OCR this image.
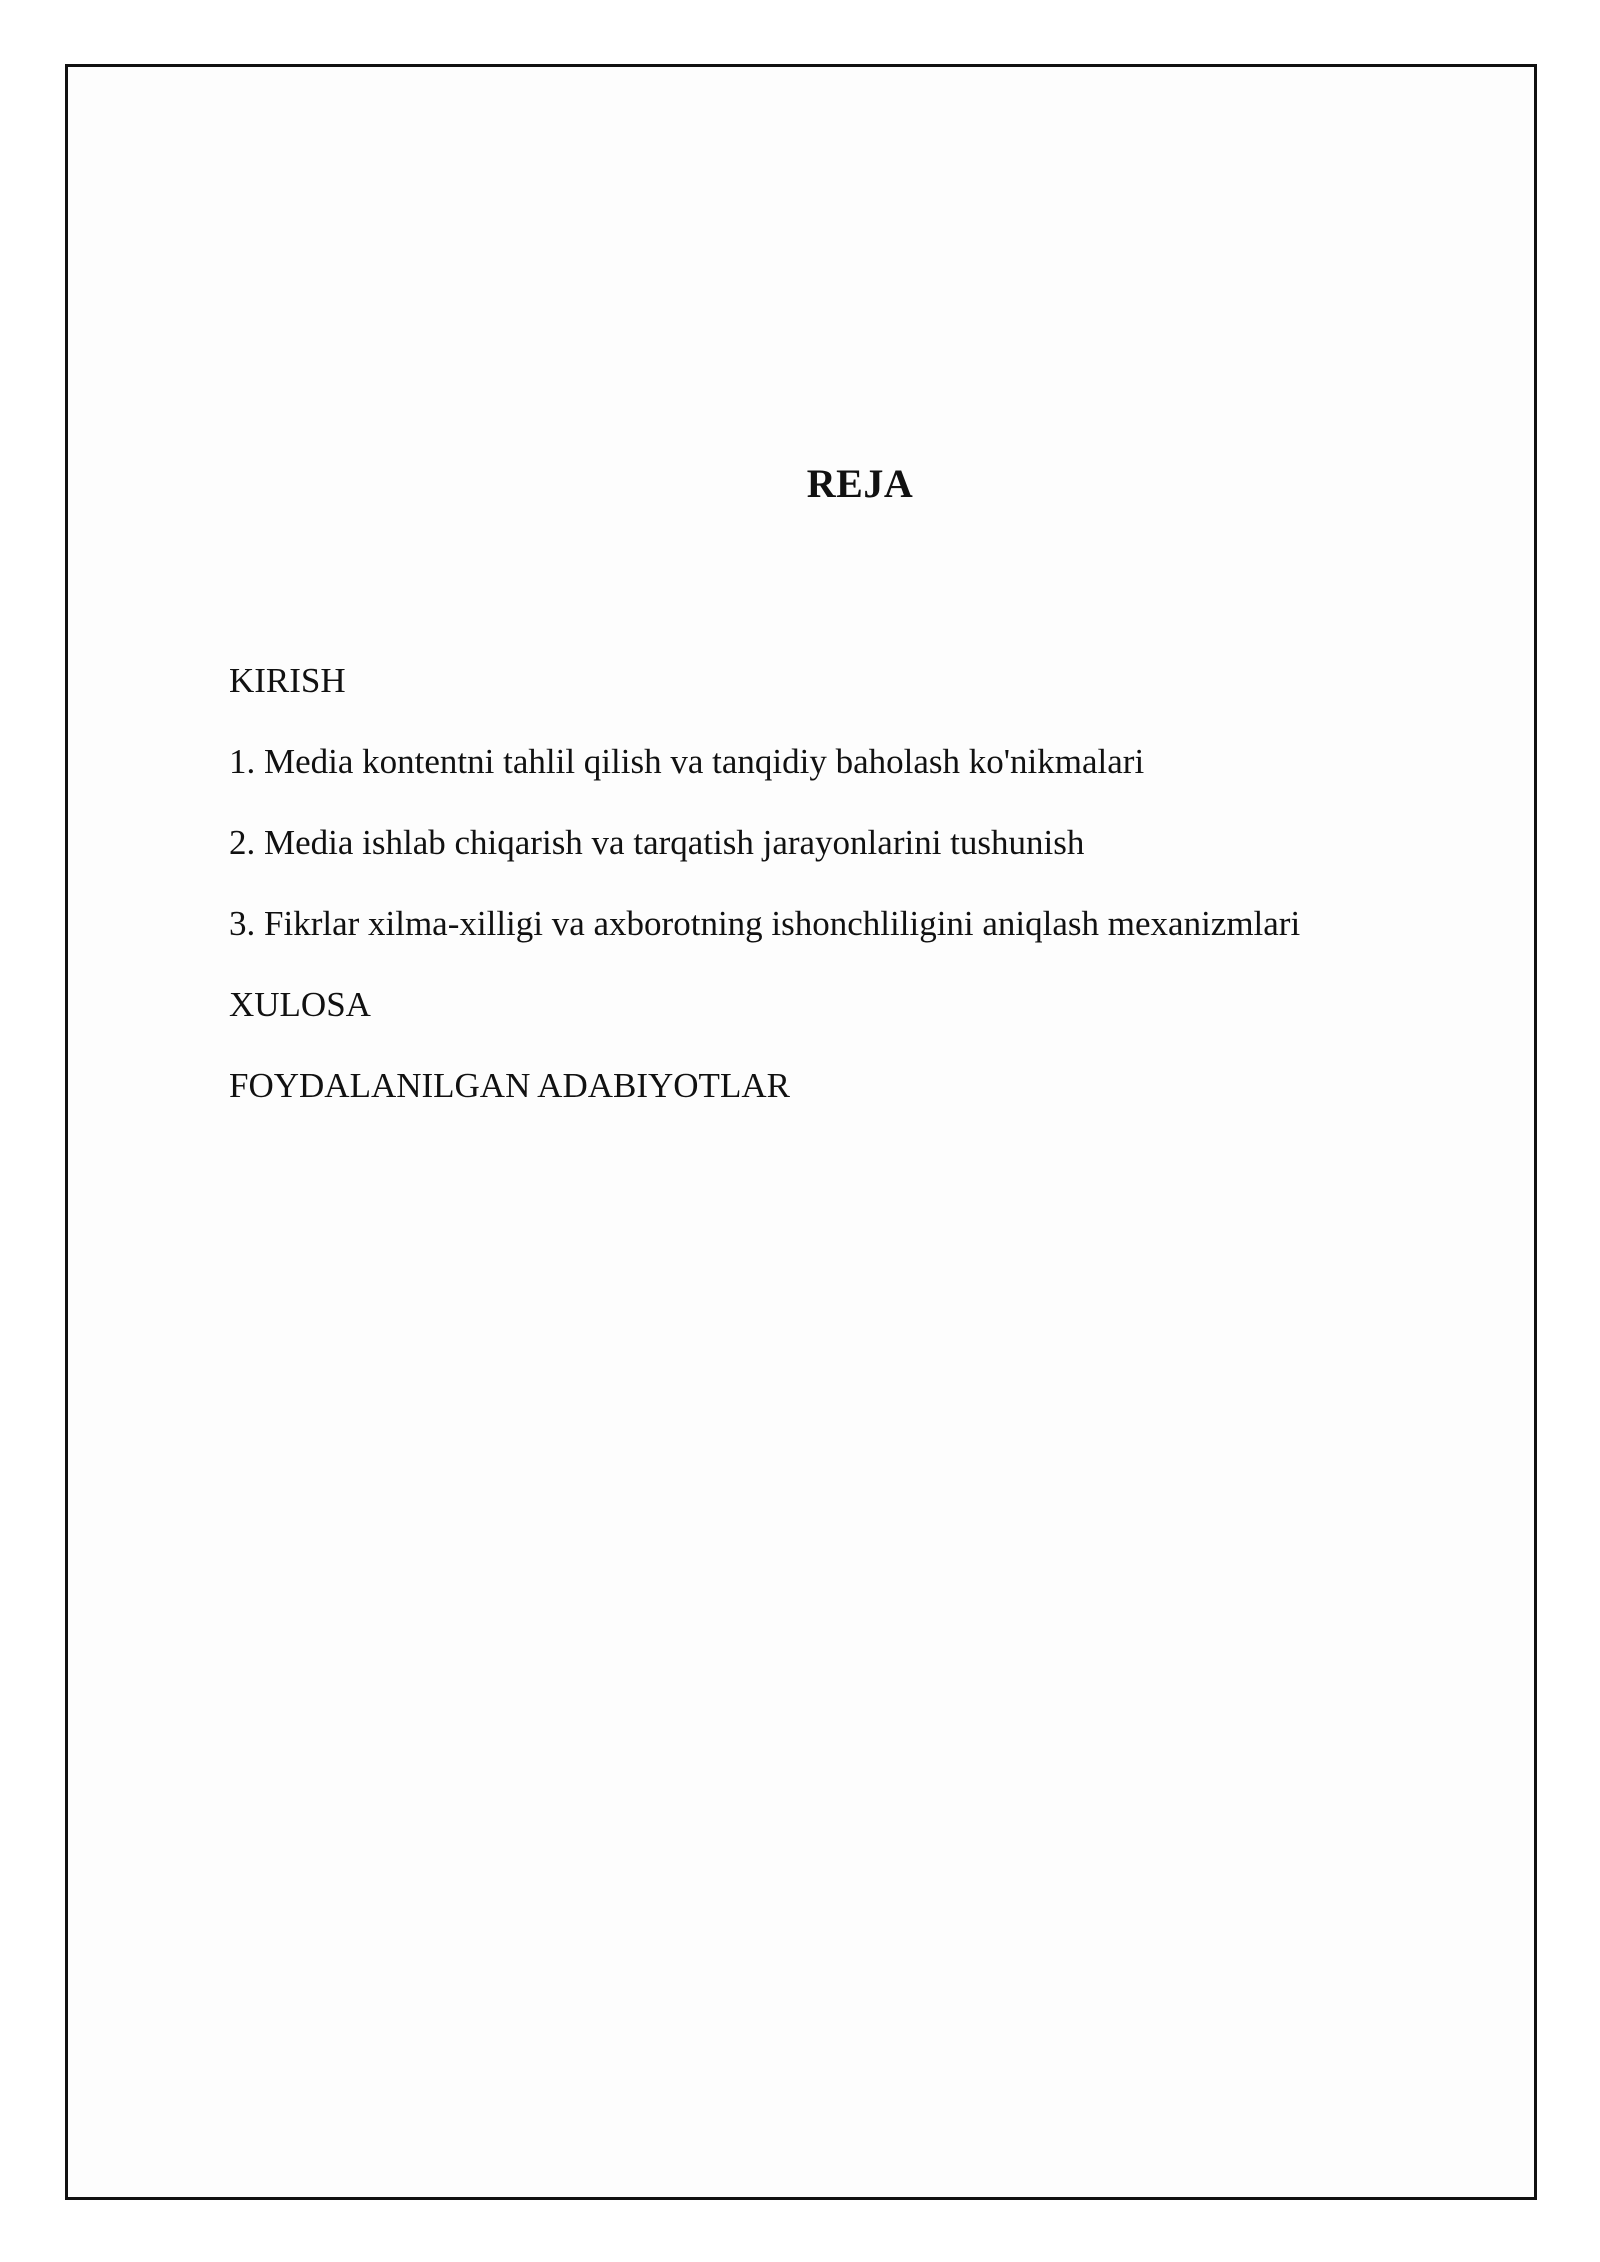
REJA
KIRISH
1. Media kontentni tahlil qilish va tanqidiy baholash ko'nikmalari
2. Media ishlab chiqarish va tarqatish jarayonlarini tushunish
3. Fikrlar xilma-xilligi va axborotning ishonchliligini aniqlash mexanizmlari
XULOSA
FOYDALANILGAN ADABIYOTLAR
